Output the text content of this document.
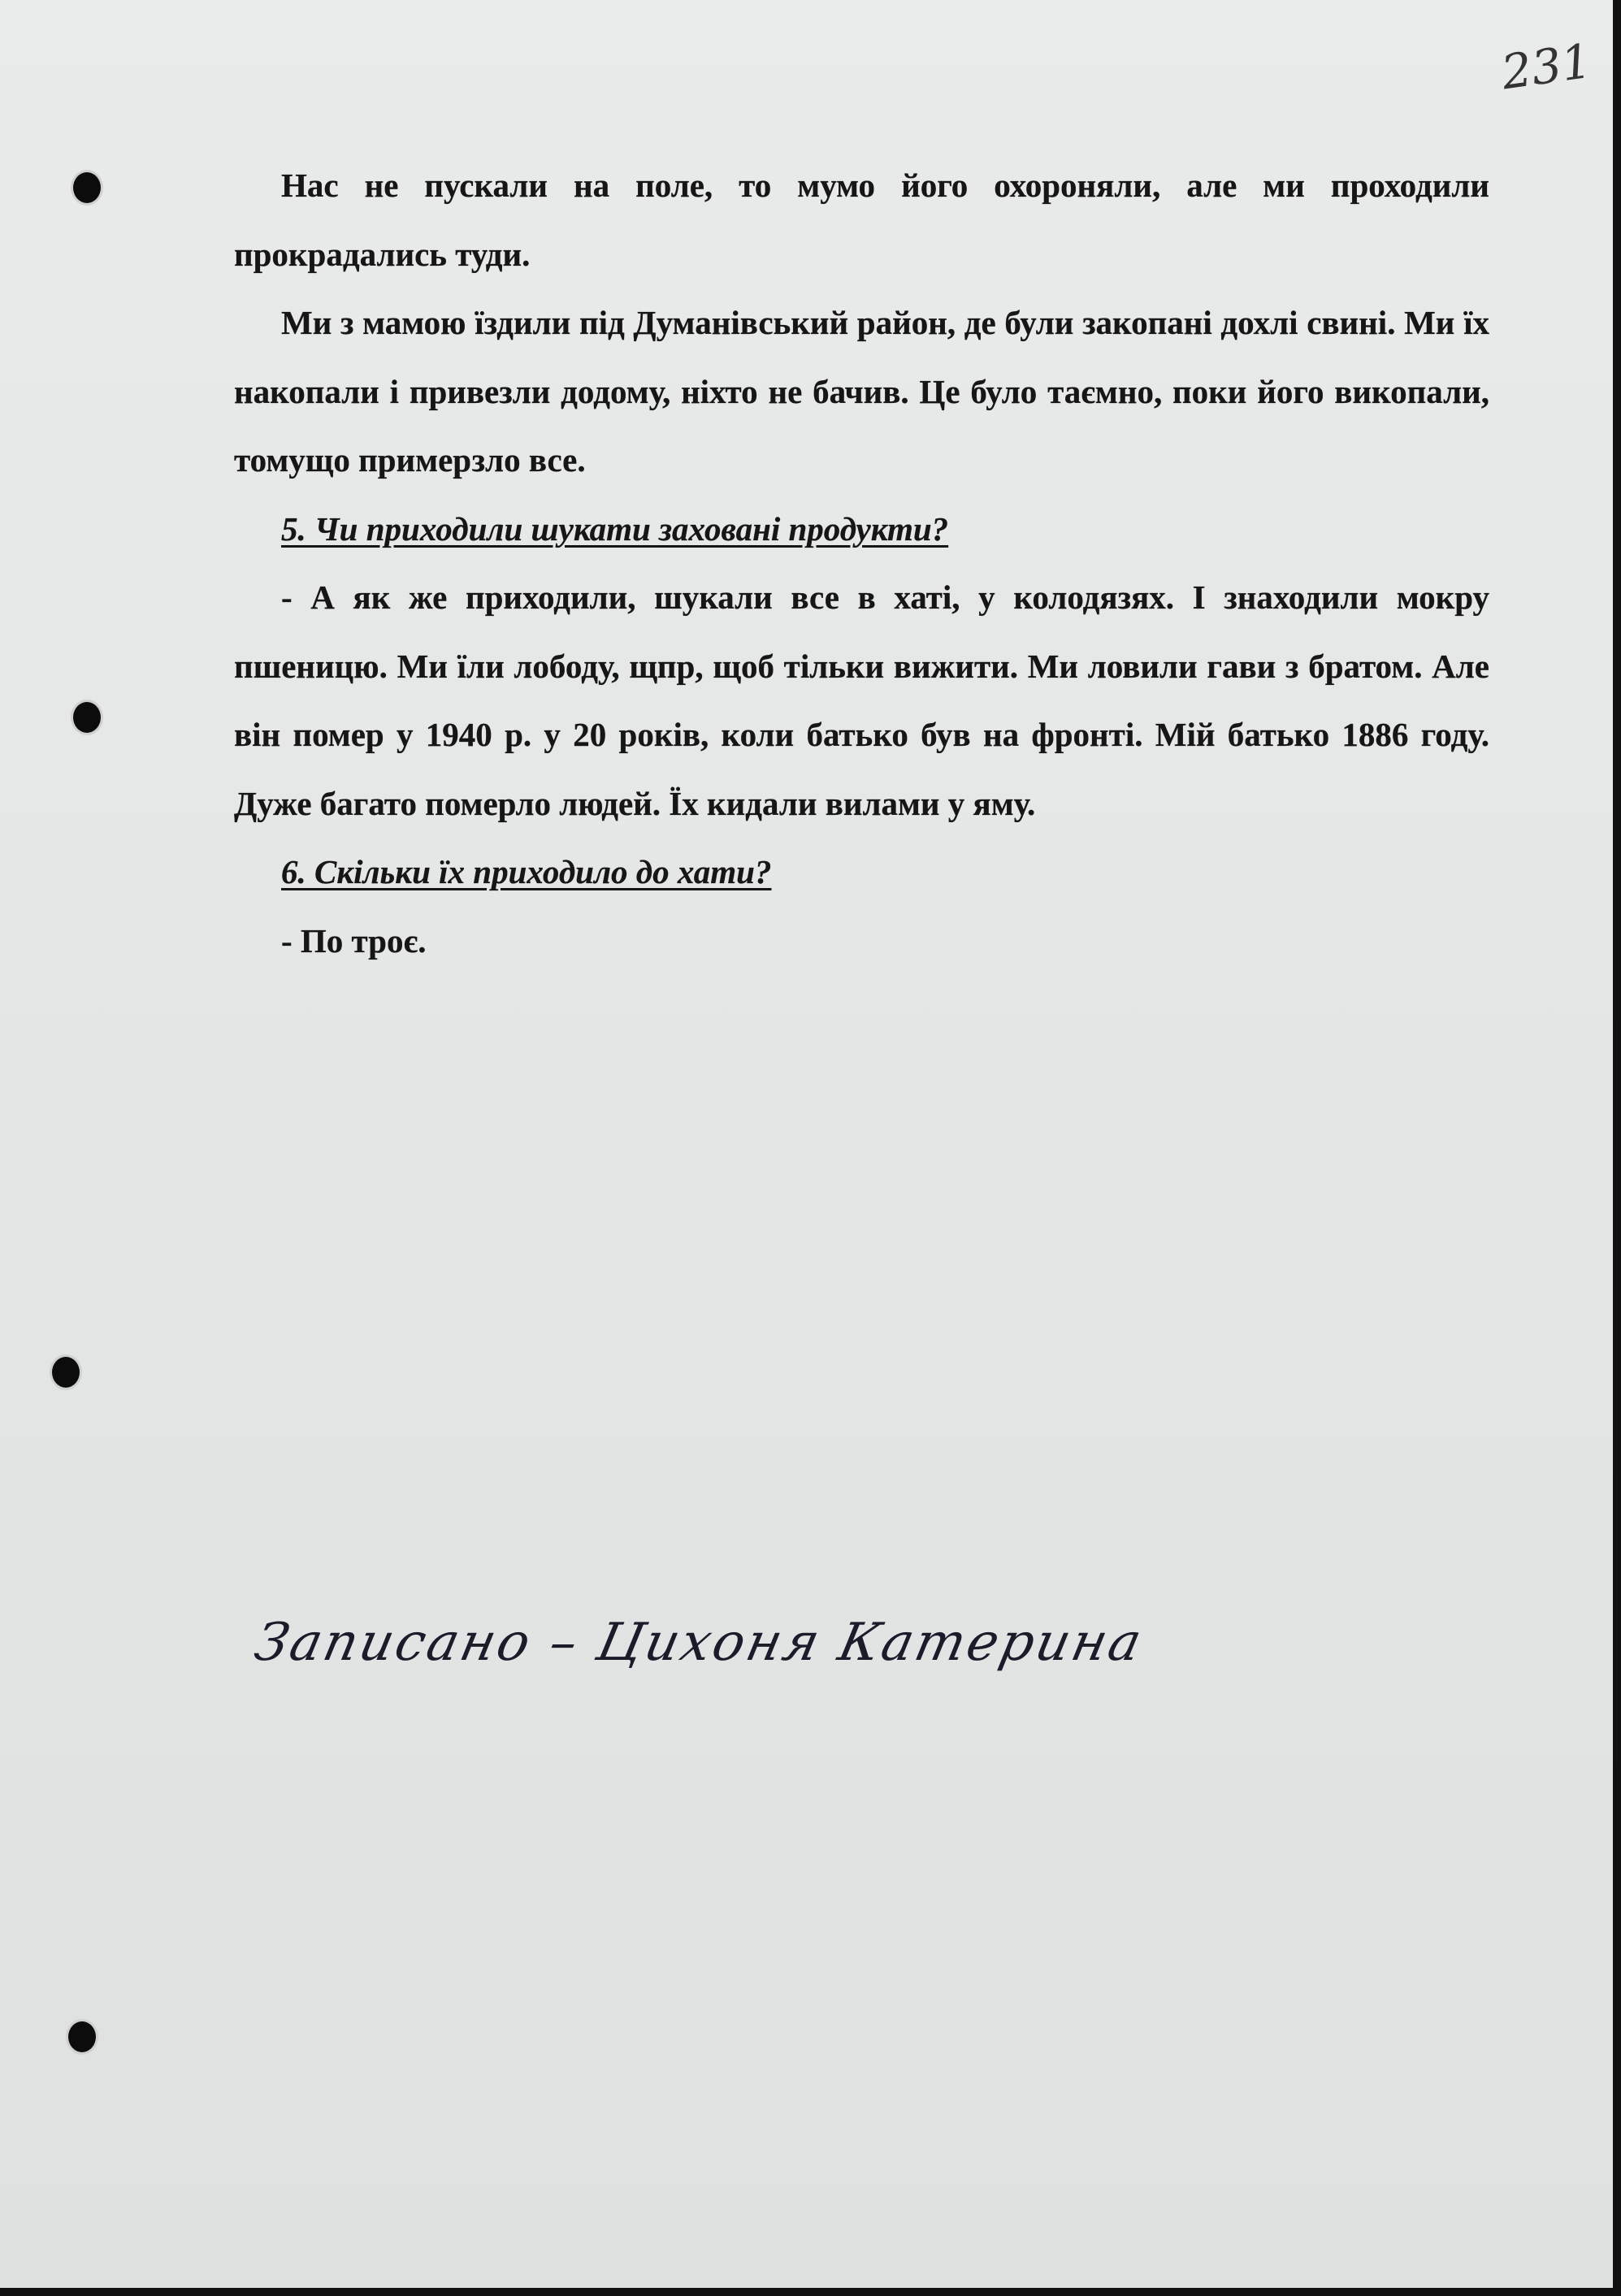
231

Нас не пускали на поле, то мумо його охороняли, але ми проходили прокрадались туди.

Ми з мамою їздили під Думанівський район, де були закопані дохлі свині. Ми їх накопали і привезли додому, ніхто не бачив. Це було таємно, поки його викопали, томущо примерзло все.

5. Чи приходили шукати заховані продукти?

- А як же приходили, шукали все в хаті, у колодязях. І знаходили мокру пшеницю. Ми їли лободу, щпр, щоб тільки вижити. Ми ловили гави з братом. Але він помер у 1940 р. у 20 років, коли батько був на фронті. Мій батько 1886 году. Дуже багато померло людей. Їх кидали вилами у яму.

6. Скільки їх приходило до хати?

- По троє.

Записано – Цихоня Катерина
